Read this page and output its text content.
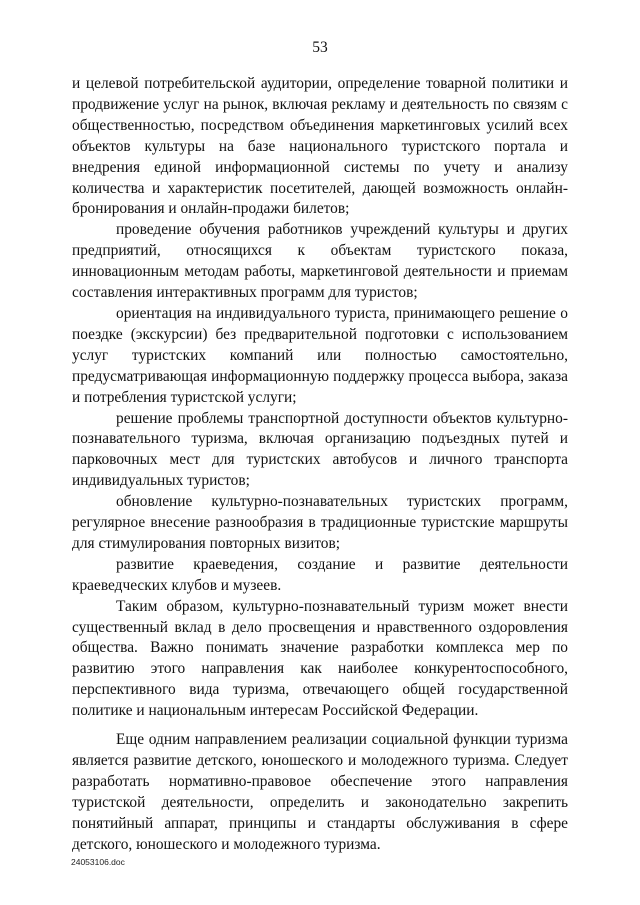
53

и целевой потребительской аудитории, определение товарной политики и продвижение услуг на рынок, включая рекламу и деятельность по связям с общественностью, посредством объединения маркетинговых усилий всех объектов культуры на базе национального туристского портала и внедрения единой информационной системы по учету и анализу количества и характеристик посетителей, дающей возможность онлайн-бронирования и онлайн-продажи билетов;

проведение обучения работников учреждений культуры и других предприятий, относящихся к объектам туристского показа, инновационным методам работы, маркетинговой деятельности и приемам составления интерактивных программ для туристов;

ориентация на индивидуального туриста, принимающего решение о поездке (экскурсии) без предварительной подготовки с использованием услуг туристских компаний или полностью самостоятельно, предусматривающая информационную поддержку процесса выбора, заказа и потребления туристской услуги;

решение проблемы транспортной доступности объектов культурно-познавательного туризма, включая организацию подъездных путей и парковочных мест для туристских автобусов и личного транспорта индивидуальных туристов;

обновление культурно-познавательных туристских программ, регулярное внесение разнообразия в традиционные туристские маршруты для стимулирования повторных визитов;

развитие краеведения, создание и развитие деятельности краеведческих клубов и музеев.

Таким образом, культурно-познавательный туризм может внести существенный вклад в дело просвещения и нравственного оздоровления общества. Важно понимать значение разработки комплекса мер по развитию этого направления как наиболее конкурентоспособного, перспективного вида туризма, отвечающего общей государственной политике и национальным интересам Российской Федерации.

Еще одним направлением реализации социальной функции туризма является развитие детского, юношеского и молодежного туризма. Следует разработать нормативно-правовое обеспечение этого направления туристской деятельности, определить и законодательно закрепить понятийный аппарат, принципы и стандарты обслуживания в сфере детского, юношеского и молодежного туризма.

24053106.doc
